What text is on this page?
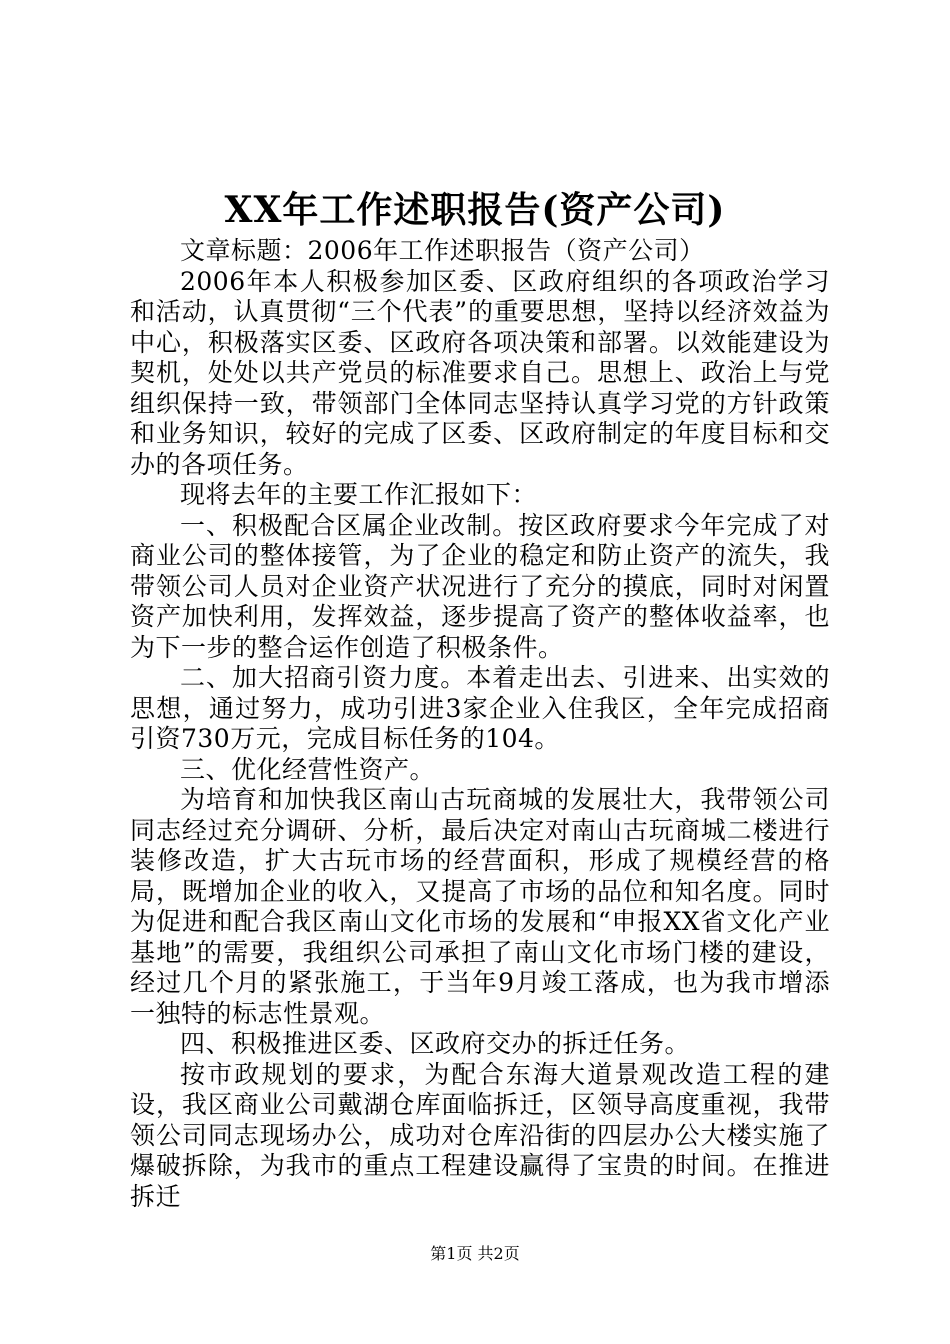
XX年工作述职报告(资产公司)

文章标题：2006年工作述职报告（资产公司）

2006年本人积极参加区委、区政府组织的各项政治学习和活动，认真贯彻“三个代表”的重要思想，坚持以经济效益为中心，积极落实区委、区政府各项决策和部署。以效能建设为契机，处处以共产党员的标准要求自己。思想上、政治上与党组织保持一致，带领部门全体同志坚持认真学习党的方针政策和业务知识，较好的完成了区委、区政府制定的年度目标和交办的各项任务。

现将去年的主要工作汇报如下：

一、积极配合区属企业改制。按区政府要求今年完成了对商业公司的整体接管，为了企业的稳定和防止资产的流失，我带领公司人员对企业资产状况进行了充分的摸底，同时对闲置资产加快利用，发挥效益，逐步提高了资产的整体收益率，也为下一步的整合运作创造了积极条件。

二、加大招商引资力度。本着走出去、引进来、出实效的思想，通过努力，成功引进3家企业入住我区，全年完成招商引资730万元，完成目标任务的104。

三、优化经营性资产。

为培育和加快我区南山古玩商城的发展壮大，我带领公司同志经过充分调研、分析，最后决定对南山古玩商城二楼进行装修改造，扩大古玩市场的经营面积，形成了规模经营的格局，既增加企业的收入，又提高了市场的品位和知名度。同时为促进和配合我区南山文化市场的发展和“申报XX省文化产业基地”的需要，我组织公司承担了南山文化市场门楼的建设，经过几个月的紧张施工，于当年9月竣工落成，也为我市增添一独特的标志性景观。

四、积极推进区委、区政府交办的拆迁任务。

按市政规划的要求，为配合东海大道景观改造工程的建设，我区商业公司戴湖仓库面临拆迁，区领导高度重视，我带领公司同志现场办公，成功对仓库沿街的四层办公大楼实施了爆破拆除，为我市的重点工程建设赢得了宝贵的时间。在推进拆迁

第1页 共2页
